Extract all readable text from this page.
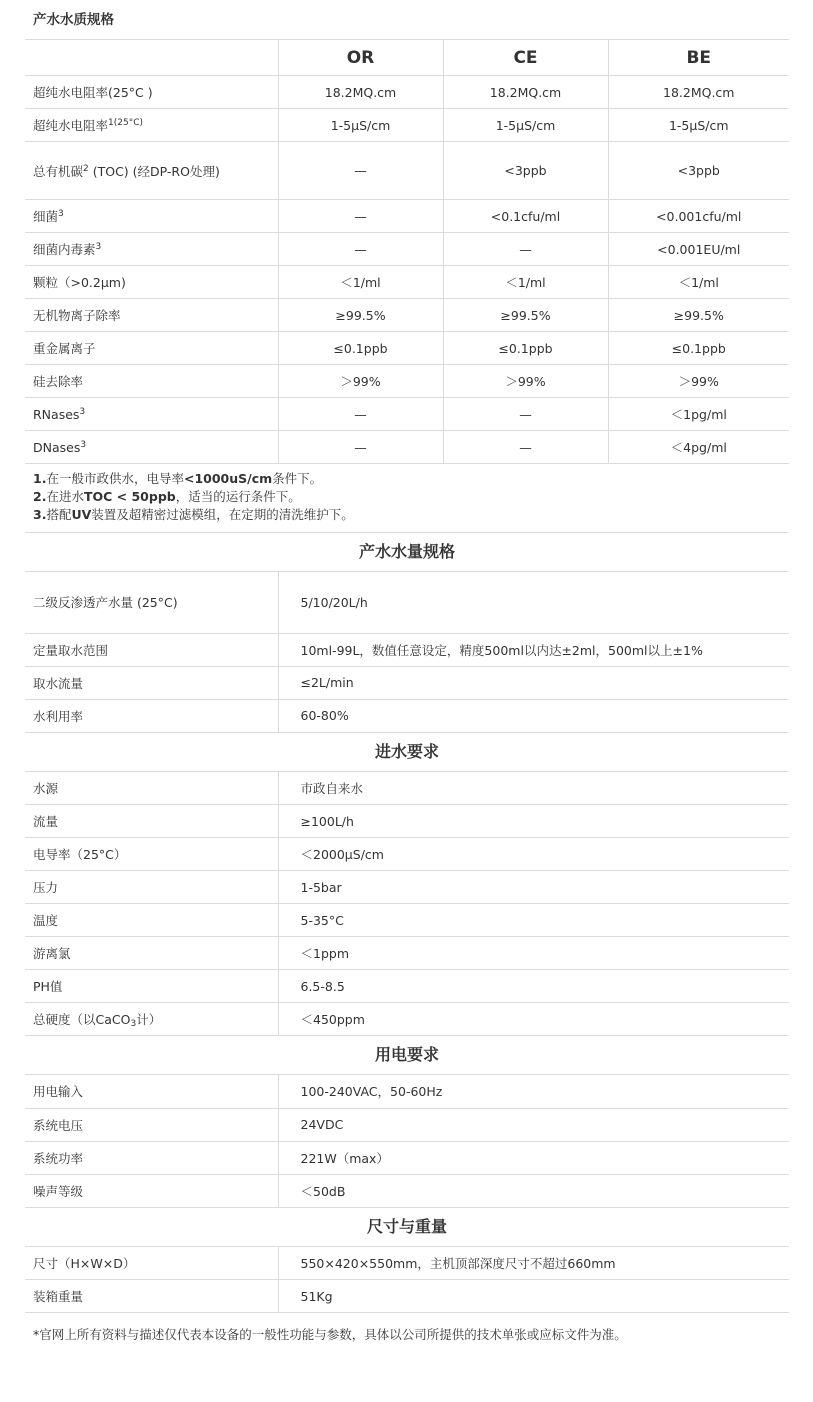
产水水质规格
	OR	CE	BE
超纯水电阻率(25°C )	18.2MQ.cm	18.2MQ.cm	18.2MQ.cm
超纯水电阻率$^{1(25^\circ C)}$	1-5μS/cm	1-5μS/cm	1-5μS/cm
总有机碳$^2$ (TOC) (经DP-RO处理)	—	<3ppb	<3ppb
细菌$^3$	—	<0.1cfu/ml	<0.001cfu/ml
细菌内毒素$^3$	—	—	<0.001EU/ml
颗粒（>0.2μm)	＜1/ml	＜1/ml	＜1/ml
无机物离子除率	≥99.5%	≥99.5%	≥99.5%
重金属离子	≤0.1ppb	≤0.1ppb	≤0.1ppb
硅去除率	＞99%	＞99%	＞99%
RNases$^3$	—	—	＜1pg/ml
DNases$^3$	—	—	＜4pg/ml
1.在一般市政供水，电导率<1000uS/cm条件下。
2.在进水TOC < 50ppb，适当的运行条件下。
3.搭配UV装置及超精密过滤模组，在定期的清洗维护下。
产水水量规格
二级反渗透产水量 (25°C)	5/10/20L/h
定量取水范围	10ml-99L，数值任意设定，精度500ml以内达±2ml，500ml以上±1%
取水流量	≤2L/min
水利用率	60-80%
进水要求
水源	市政自来水
流量	≥100L/h
电导率（25°C）	＜2000μS/cm
压力	1-5bar
温度	5-35°C
游离氯	＜1ppm
PH值	6.5-8.5
总硬度（以CaCO$_3$计）	＜450ppm
用电要求
用电输入	100-240VAC，50-60Hz
系统电压	24VDC
系统功率	221W（max）
噪声等级	＜50dB
尺寸与重量
尺寸（H×W×D）	550×420×550mm，主机顶部深度尺寸不超过660mm
装箱重量	51Kg
*官网上所有资料与描述仅代表本设备的一般性功能与参数，具体以公司所提供的技术单张或应标文件为准。
